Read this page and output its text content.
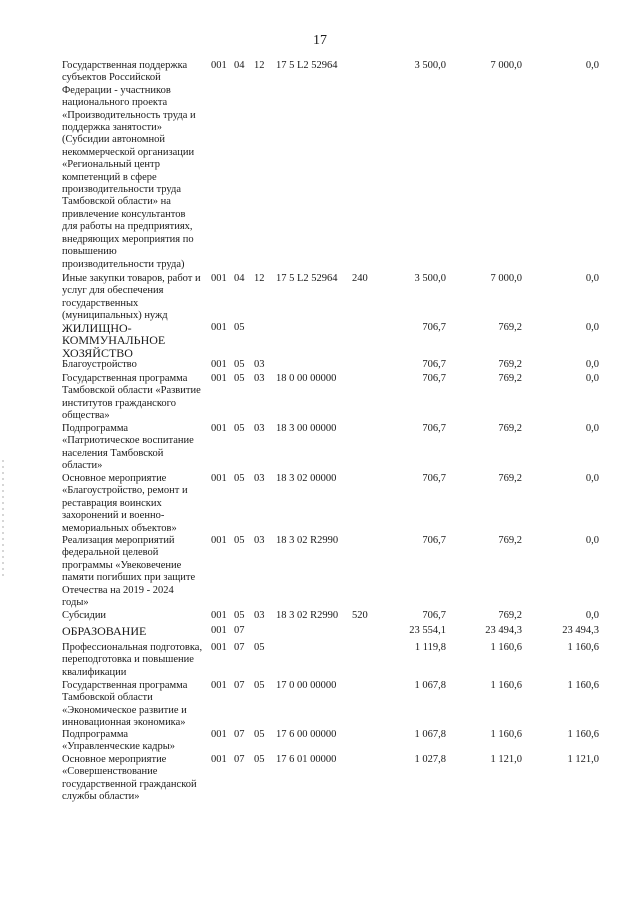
17
Государственная поддержка
субъектов Российской
Федерации - участников
национального проекта
«Производительность труда и
поддержка занятости»
(Субсидии автономной
некоммерческой организации
«Региональный центр
компетенций в сфере
производительности труда
Тамбовской области» на
привлечение консультантов
для работы на предприятиях,
внедряющих мероприятия по
повышению
производительности труда)
001 04 12 17 5 L2 52964	3 500,0	7 000,0	0,0
Иные закупки товаров, работ и
услуг для обеспечения
государственных
(муниципальных) нужд
001 04 12 17 5 L2 52964 240	3 500,0	7 000,0	0,0
ЖИЛИЩНО-
КОММУНАЛЬНОЕ
ХОЗЯЙСТВО
001 05	706,7	769,2	0,0
Благоустройство	001 05 03	706,7	769,2	0,0
Государственная программа
Тамбовской области «Развитие
институтов гражданского
общества»
001 05 03 18 0 00 00000	706,7	769,2	0,0
Подпрограмма
«Патриотическое воспитание
населения Тамбовской
области»
001 05 03 18 3 00 00000	706,7	769,2	0,0
Основное мероприятие
«Благоустройство, ремонт и
реставрация воинских
захоронений и военно-
мемориальных объектов»
001 05 03 18 3 02 00000	706,7	769,2	0,0
Реализация мероприятий
федеральной целевой
программы «Увековечение
памяти погибших при защите
Отечества на 2019 - 2024
годы»
001 05 03 18 3 02 R2990	706,7	769,2	0,0
Субсидии	001 05 03 18 3 02 R2990 520	706,7	769,2	0,0
ОБРАЗОВАНИЕ	001 07	23 554,1	23 494,3	23 494,3
Профессиональная подготовка,
переподготовка и повышение
квалификации
001 07 05	1 119,8	1 160,6	1 160,6
Государственная программа
Тамбовской области
«Экономическое развитие и
инновационная экономика»
001 07 05 17 0 00 00000	1 067,8	1 160,6	1 160,6
Подпрограмма
«Управленческие кадры»
001 07 05 17 6 00 00000	1 067,8	1 160,6	1 160,6
Основное мероприятие
«Совершенствование
государственной гражданской
службы области»
001 07 05 17 6 01 00000	1 027,8	1 121,0	1 121,0
